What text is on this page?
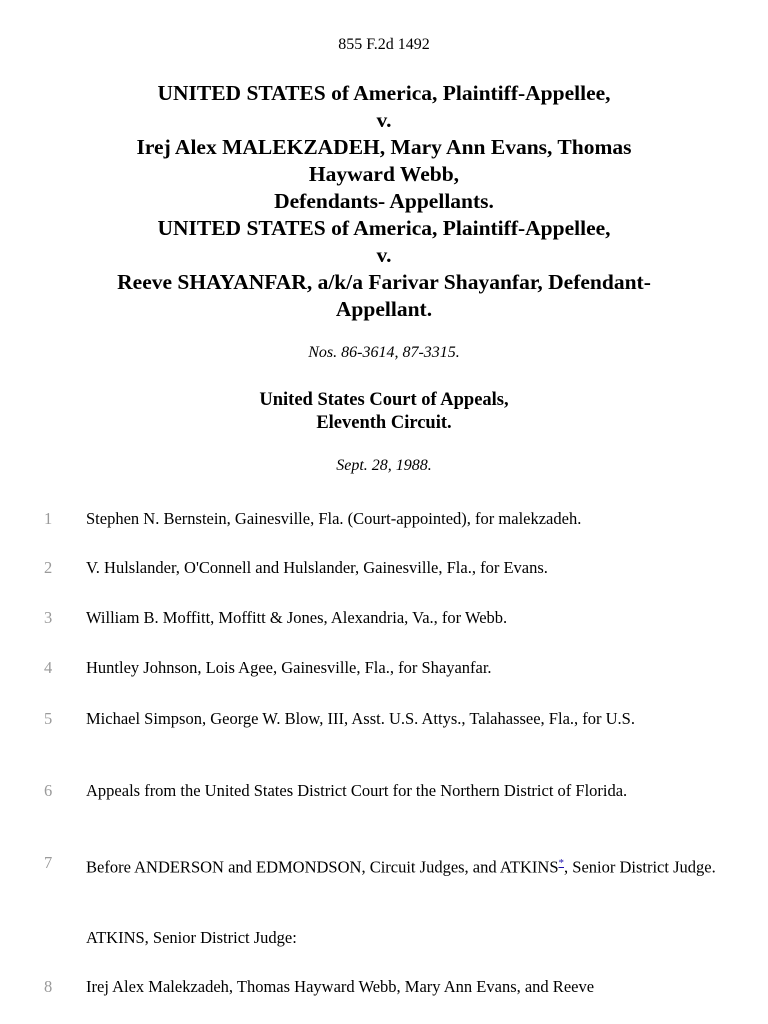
855 F.2d 1492
UNITED STATES of America, Plaintiff-Appellee,
v.
Irej Alex MALEKZADEH, Mary Ann Evans, Thomas
Hayward Webb,
Defendants- Appellants.
UNITED STATES of America, Plaintiff-Appellee,
v.
Reeve SHAYANFAR, a/k/a Farivar Shayanfar, Defendant-
Appellant.
Nos. 86-3614, 87-3315.
United States Court of Appeals,
Eleventh Circuit.
Sept. 28, 1988.
1 Stephen N. Bernstein, Gainesville, Fla. (Court-appointed), for malekzadeh.
2 V. Hulslander, O'Connell and Hulslander, Gainesville, Fla., for Evans.
3 William B. Moffitt, Moffitt & Jones, Alexandria, Va., for Webb.
4 Huntley Johnson, Lois Agee, Gainesville, Fla., for Shayanfar.
5 Michael Simpson, George W. Blow, III, Asst. U.S. Attys., Talahassee, Fla., for U.S.
6 Appeals from the United States District Court for the Northern District of Florida.
7 Before ANDERSON and EDMONDSON, Circuit Judges, and ATKINS*, Senior District Judge.
ATKINS, Senior District Judge:
8 Irej Alex Malekzadeh, Thomas Hayward Webb, Mary Ann Evans, and Reeve
